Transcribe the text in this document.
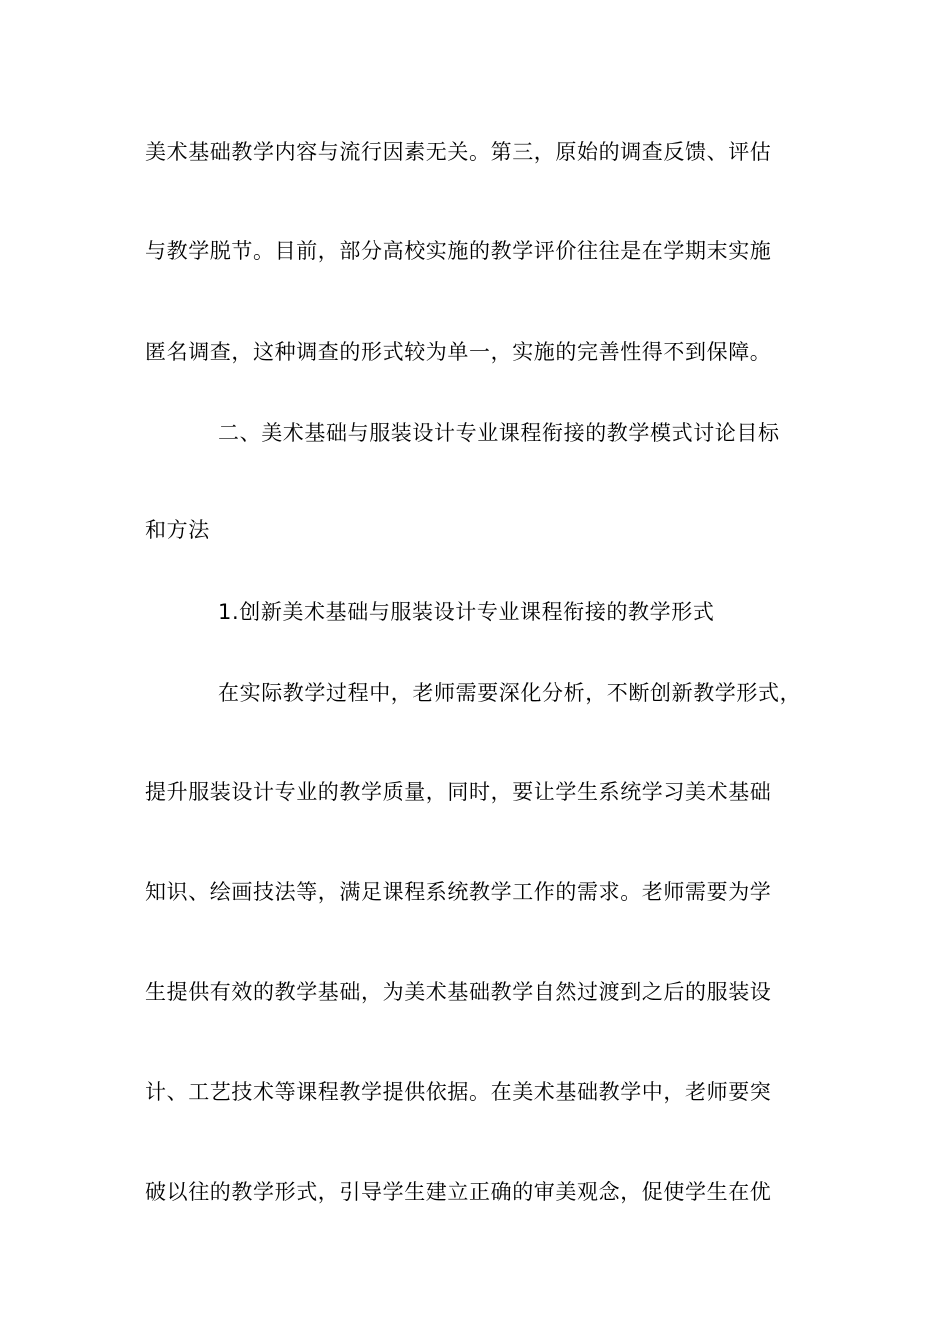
美术基础教学内容与流行因素无关。第三，原始的调查反馈、评估
与教学脱节。目前，部分高校实施的教学评价往往是在学期末实施
匿名调查，这种调查的形式较为单一，实施的完善性得不到保障。
二、美术基础与服装设计专业课程衔接的教学模式讨论目标
和方法
1.创新美术基础与服装设计专业课程衔接的教学形式
在实际教学过程中，老师需要深化分析，不断创新教学形式，
提升服装设计专业的教学质量，同时，要让学生系统学习美术基础
知识、绘画技法等，满足课程系统教学工作的需求。老师需要为学
生提供有效的教学基础，为美术基础教学自然过渡到之后的服装设
计、工艺技术等课程教学提供依据。在美术基础教学中，老师要突
破以往的教学形式，引导学生建立正确的审美观念，促使学生在优
